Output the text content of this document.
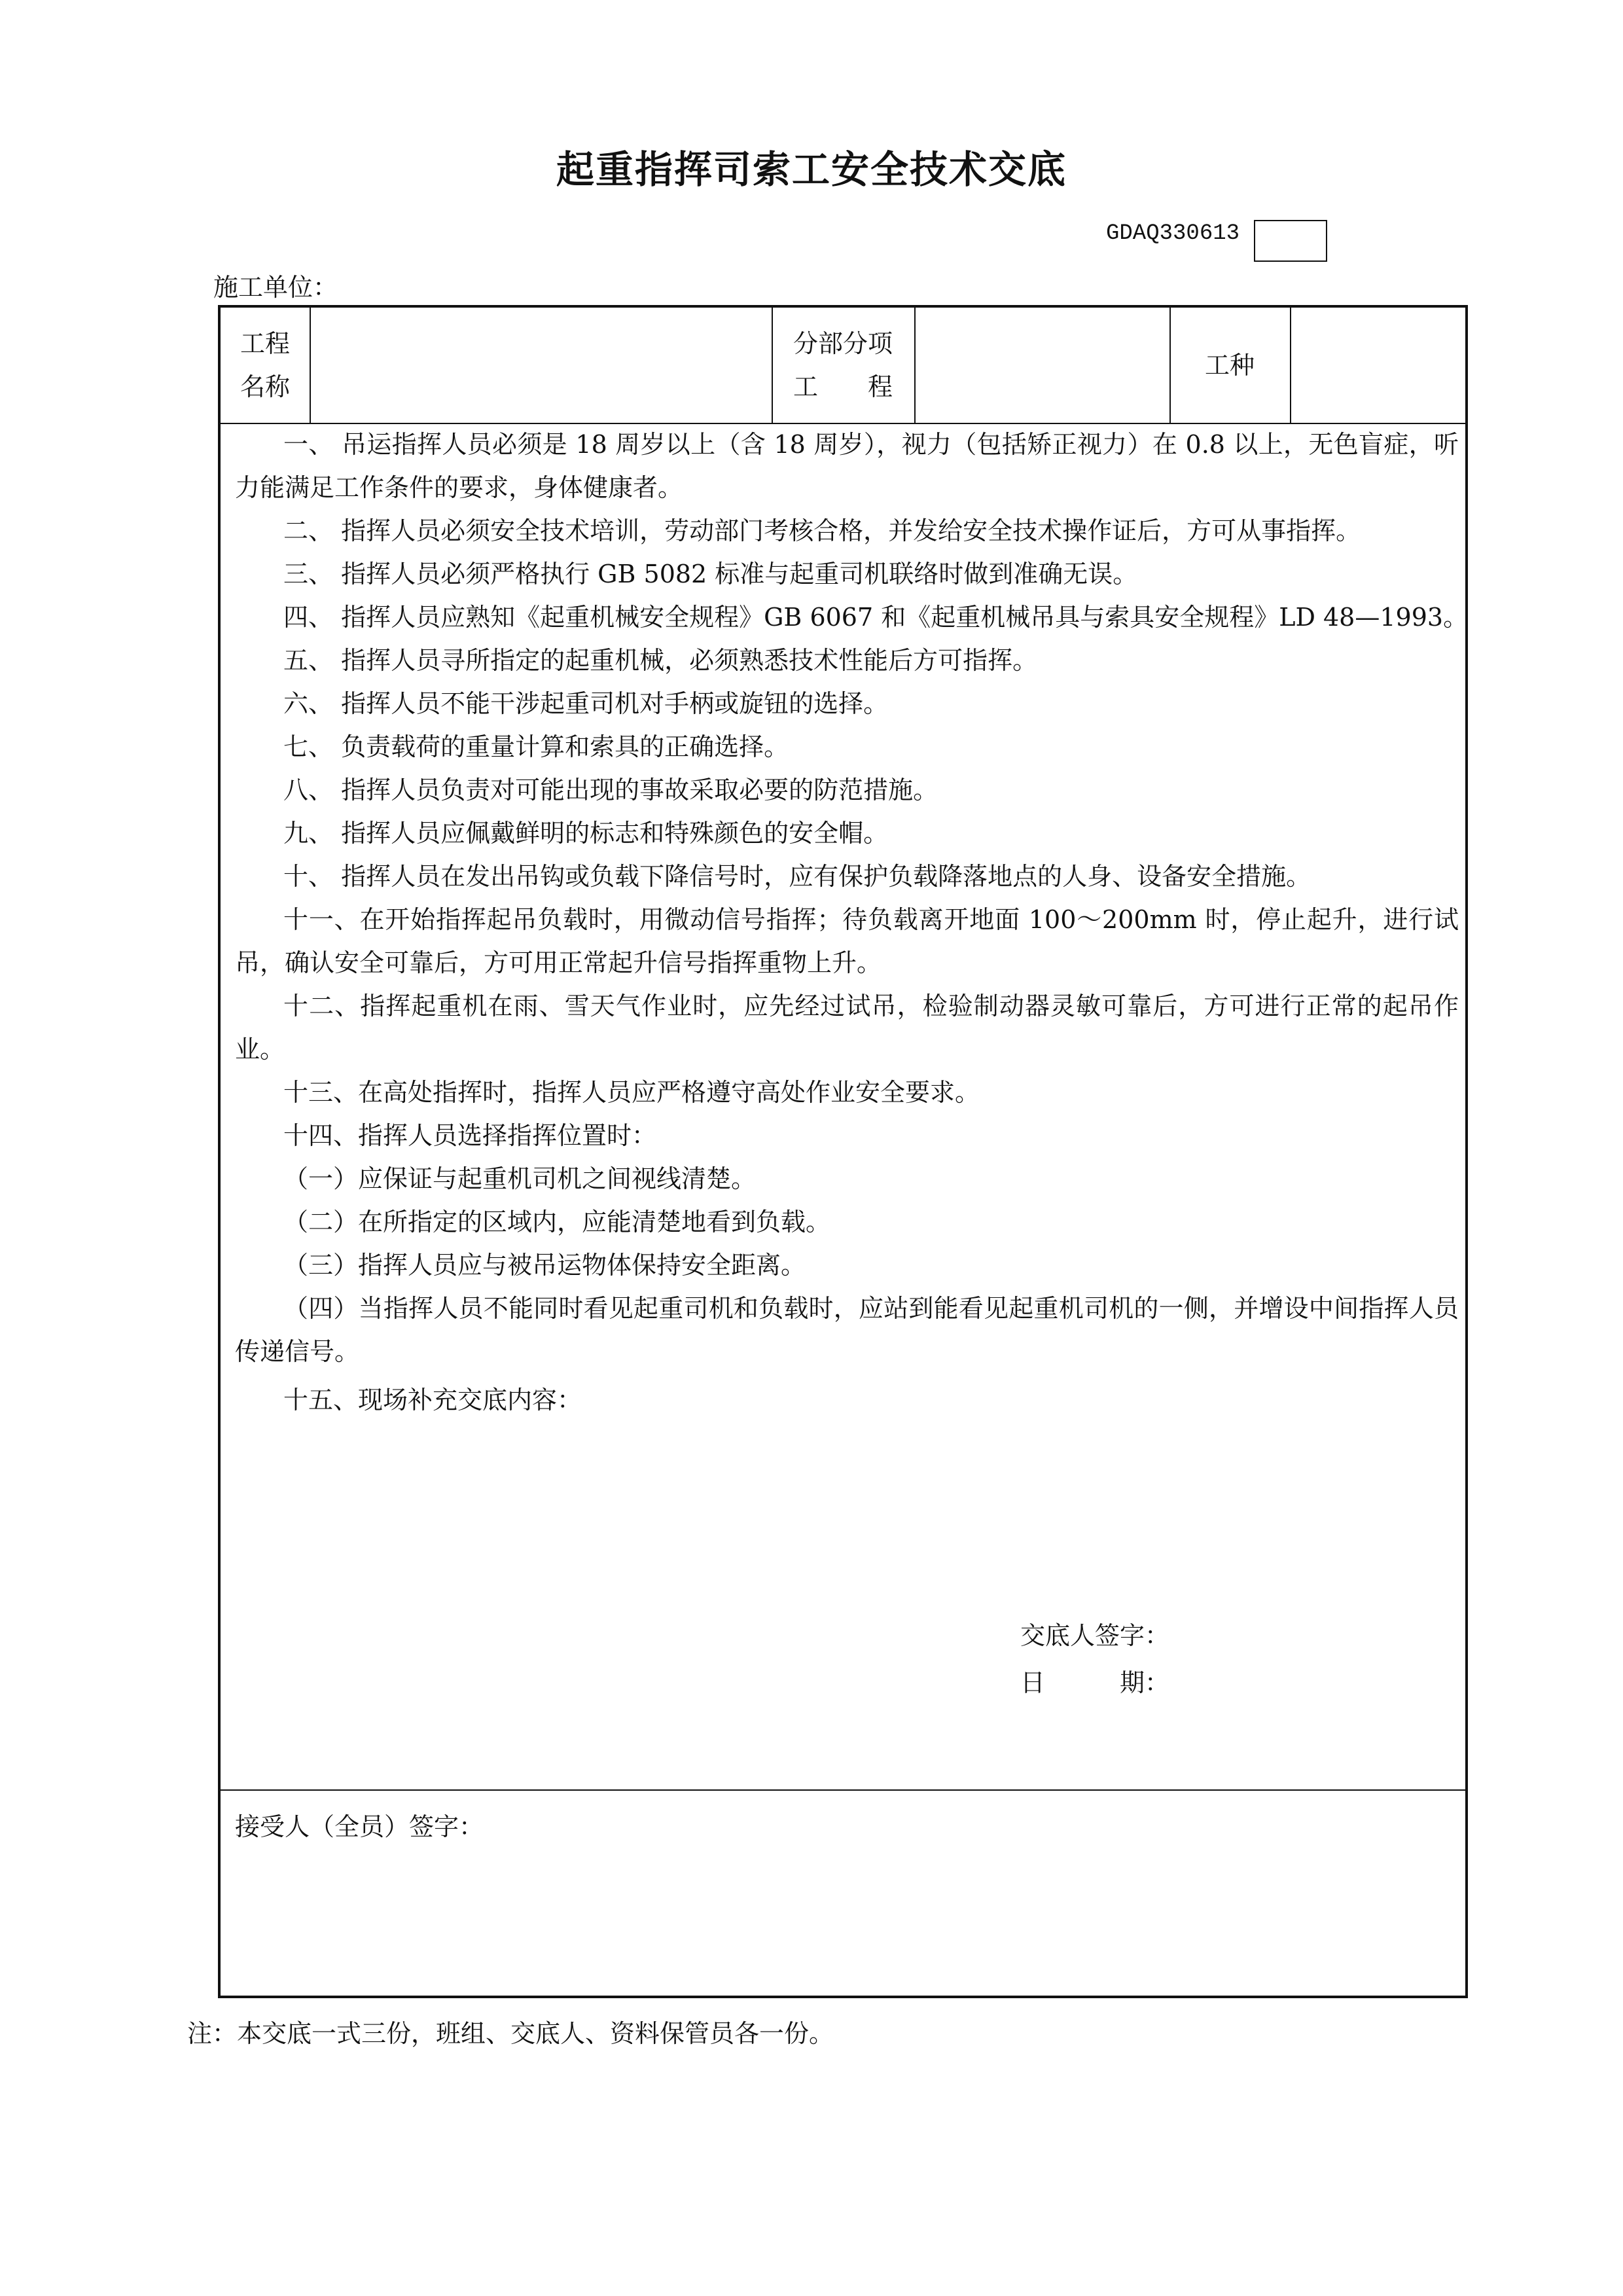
起重指挥司索工安全技术交底
GDAQ330613
施工单位：
工程
名称
分部分项
工　　程
工种
一、 吊运指挥人员必须是 18 周岁以上（含 18 周岁），视力（包括矫正视力）在 0.8 以上，无色盲症，听力能满足工作条件的要求，身体健康者。
二、 指挥人员必须安全技术培训，劳动部门考核合格，并发给安全技术操作证后，方可从事指挥。
三、 指挥人员必须严格执行 GB 5082 标准与起重司机联络时做到准确无误。
四、 指挥人员应熟知《起重机械安全规程》GB 6067 和《起重机械吊具与索具安全规程》LD 48—1993。
五、 指挥人员寻所指定的起重机械，必须熟悉技术性能后方可指挥。
六、 指挥人员不能干涉起重司机对手柄或旋钮的选择。
七、 负责载荷的重量计算和索具的正确选择。
八、 指挥人员负责对可能出现的事故采取必要的防范措施。
九、 指挥人员应佩戴鲜明的标志和特殊颜色的安全帽。
十、 指挥人员在发出吊钩或负载下降信号时，应有保护负载降落地点的人身、设备安全措施。
十一、在开始指挥起吊负载时，用微动信号指挥；待负载离开地面 100～200mm 时，停止起升，进行试吊，确认安全可靠后，方可用正常起升信号指挥重物上升。
十二、指挥起重机在雨、雪天气作业时，应先经过试吊，检验制动器灵敏可靠后，方可进行正常的起吊作业。
十三、在高处指挥时，指挥人员应严格遵守高处作业安全要求。
十四、指挥人员选择指挥位置时：
（一）应保证与起重机司机之间视线清楚。
（二）在所指定的区域内，应能清楚地看到负载。
（三）指挥人员应与被吊运物体保持安全距离。
（四）当指挥人员不能同时看见起重司机和负载时，应站到能看见起重机司机的一侧，并增设中间指挥人员传递信号。
十五、现场补充交底内容：
交底人签字：
日　　　期：
接受人（全员）签字：
注：本交底一式三份，班组、交底人、资料保管员各一份。
